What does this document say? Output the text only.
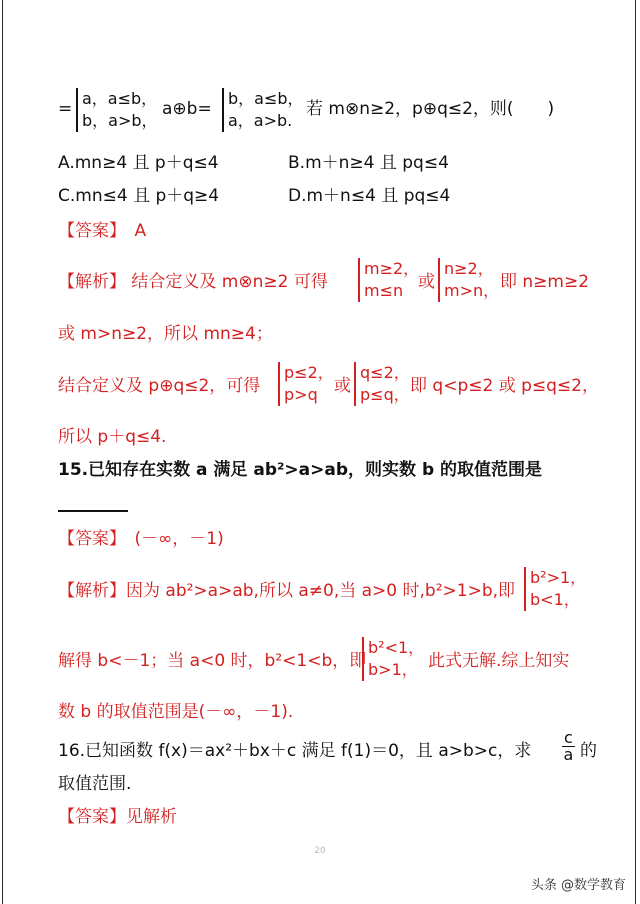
=
a，a≤b，
b，a>b，
a⊕b=
b，a≤b，
a，a>b.
若 m⊗n≥2，p⊕q≤2，则(　　)
A.mn≥4 且 p＋q≤4	B.m＋n≥4 且 pq≤4
C.mn≤4 且 p＋q≥4	D.m＋n≤4 且 pq≤4
【答案】　A
【解析】 结合定义及 m⊗n≥2 可得
m≥2，
m≤n 或
n≥2，
m>n， 即 n≥m≥2
或 m>n≥2，所以 mn≥4；
结合定义及 p⊕q≤2，可得
p≤2，
p>q 或
q≤2，
p≤q， 即 q<p≤2 或 p≤q≤2，
所以 p＋q≤4.
15.已知存在实数 a 满足 ab²>a>ab，则实数 b 的取值范围是
【答案】　(－∞，－1)
【解析】因为 ab²>a>ab,所以 a≠0,当 a>0 时,b²>1>b,即
b²>1，
b<1，
解得 b<－1；当 a<0 时，b²<1<b，即
b²<1，
b>1， 此式无解.综上知实
数 b 的取值范围是(－∞，－1).
16.已知函数 f(x)＝ax²＋bx＋c 满足 f(1)＝0，且 a>b>c，求 $\frac{c}{a}$ 的
取值范围.
【答案】见解析
20
头条 @数学教育
